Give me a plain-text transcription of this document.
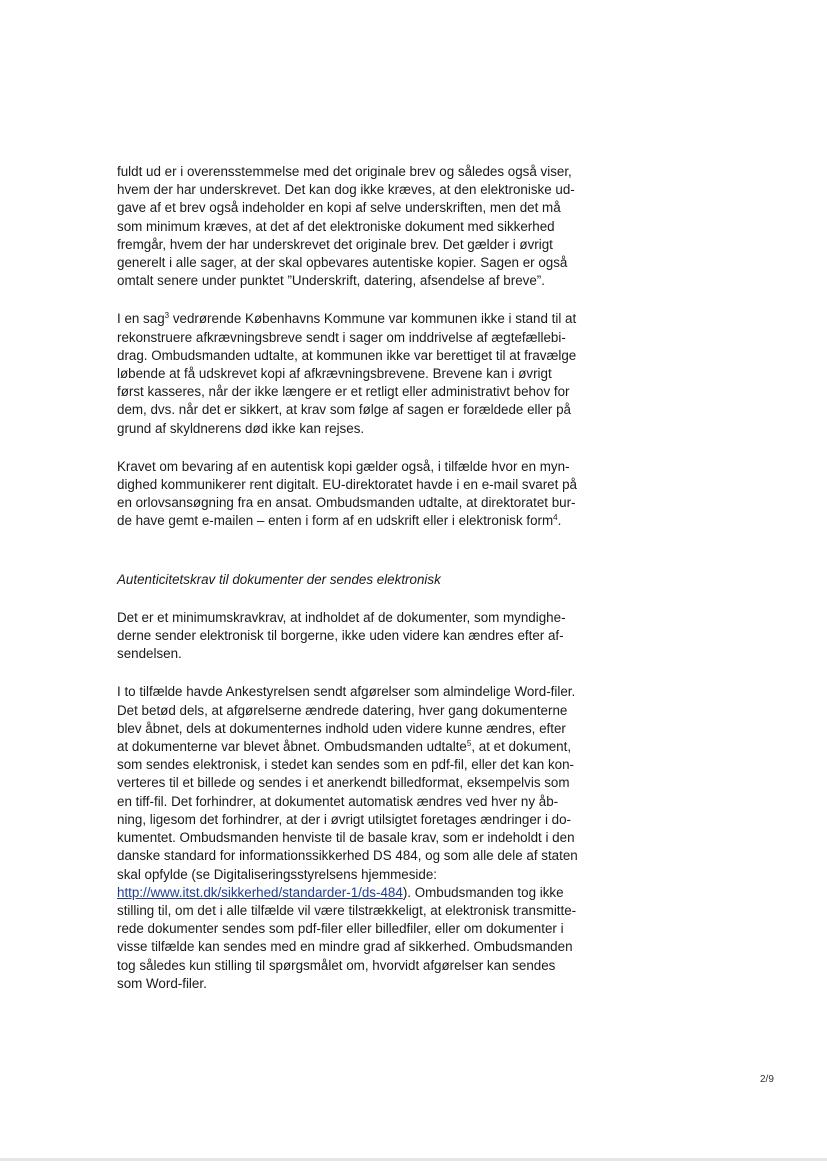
fuldt ud er i overensstemmelse med det originale brev og således også viser,
hvem der har underskrevet. Det kan dog ikke kræves, at den elektroniske ud-
gave af et brev også indeholder en kopi af selve underskriften, men det må
som minimum kræves, at det af det elektroniske dokument med sikkerhed
fremgår, hvem der har underskrevet det originale brev. Det gælder i øvrigt
generelt i alle sager, at der skal opbevares autentiske kopier. Sagen er også
omtalt senere under punktet ”Underskrift, datering, afsendelse af breve”.

I en sag$^3$ vedrørende Københavns Kommune var kommunen ikke i stand til at
rekonstruere afkrævningsbreve sendt i sager om inddrivelse af ægtefællebi-
drag. Ombudsmanden udtalte, at kommunen ikke var berettiget til at fravælge
løbende at få udskrevet kopi af afkrævningsbrevene. Brevene kan i øvrigt
først kasseres, når der ikke længere er et retligt eller administrativt behov for
dem, dvs. når det er sikkert, at krav som følge af sagen er forældede eller på
grund af skyldnerens død ikke kan rejses.

Kravet om bevaring af en autentisk kopi gælder også, i tilfælde hvor en myn-
dighed kommunikerer rent digitalt. EU-direktoratet havde i en e-mail svaret på
en orlovsansøgning fra en ansat. Ombudsmanden udtalte, at direktoratet bur-
de have gemt e-mailen – enten i form af en udskrift eller i elektronisk form$^4$.

Autenticitetskrav til dokumenter der sendes elektronisk

Det er et minimumskravkrav, at indholdet af de dokumenter, som myndighe-
derne sender elektronisk til borgerne, ikke uden videre kan ændres efter af-
sendelsen.

I to tilfælde havde Ankestyrelsen sendt afgørelser som almindelige Word-filer.
Det betød dels, at afgørelserne ændrede datering, hver gang dokumenterne
blev åbnet, dels at dokumenternes indhold uden videre kunne ændres, efter
at dokumenterne var blevet åbnet. Ombudsmanden udtalte$^5$, at et dokument,
som sendes elektronisk, i stedet kan sendes som en pdf-fil, eller det kan kon-
verteres til et billede og sendes i et anerkendt billedformat, eksempelvis som
en tiff-fil. Det forhindrer, at dokumentet automatisk ændres ved hver ny åb-
ning, ligesom det forhindrer, at der i øvrigt utilsigtet foretages ændringer i do-
kumentet. Ombudsmanden henviste til de basale krav, som er indeholdt i den
danske standard for informationssikkerhed DS 484, og som alle dele af staten
skal opfylde (se Digitaliseringsstyrelsens hjemmeside:
http://www.itst.dk/sikkerhed/standarder-1/ds-484). Ombudsmanden tog ikke
stilling til, om det i alle tilfælde vil være tilstrækkeligt, at elektronisk transmitte-
rede dokumenter sendes som pdf-filer eller billedfiler, eller om dokumenter i
visse tilfælde kan sendes med en mindre grad af sikkerhed. Ombudsmanden
tog således kun stilling til spørgsmålet om, hvorvidt afgørelser kan sendes
som Word-filer.

2/9
